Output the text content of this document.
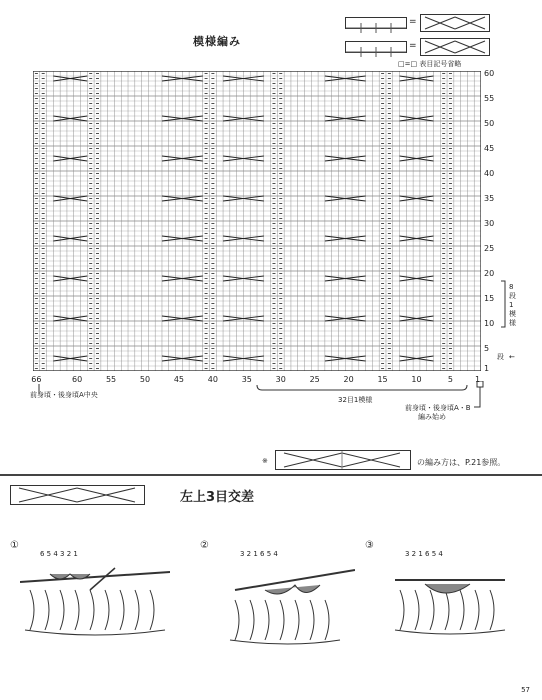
模様編み
=
=
□=□ 表目記号省略
60
55
50
45
40
35
30
25
20
15
10
5
1
段 ←
8段1模様
66	60	55	50	45	40	35	30	25	20	15	10	5	1
32目1模様
前身頃・後身頃A中央
前身頃・後身頃A・B
編み始め
※	の編み方は、P.21参照。
左上3目交差
①
6 5 4 3 2 1
②
3 2 1 6 5 4
③
3 2 1 6 5 4
57
